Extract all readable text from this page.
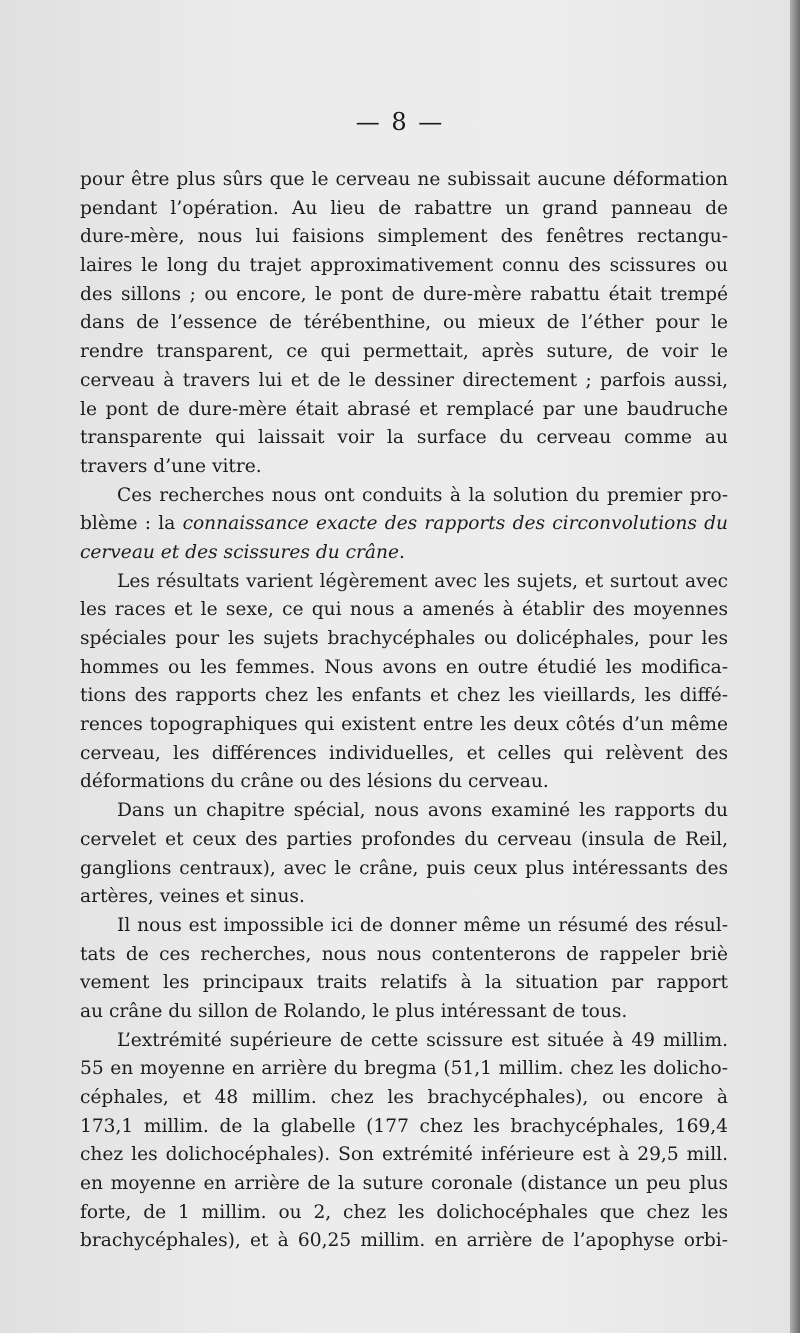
— 8 —
pour être plus sûrs que le cerveau ne subissait aucune déformation
pendant l’opération. Au lieu de rabattre un grand panneau de
dure-mère, nous lui faisions simplement des fenêtres rectangu-
laires le long du trajet approximativement connu des scissures ou
des sillons ; ou encore, le pont de dure-mère rabattu était trempé
dans de l’essence de térébenthine, ou mieux de l’éther pour le
rendre transparent, ce qui permettait, après suture, de voir le
cerveau à travers lui et de le dessiner directement ; parfois aussi,
le pont de dure-mère était abrasé et remplacé par une baudruche
transparente qui laissait voir la surface du cerveau comme au
travers d’une vitre.
Ces recherches nous ont conduits à la solution du premier pro-
blème : la connaissance exacte des rapports des circonvolutions du
cerveau et des scissures du crâne.
Les résultats varient légèrement avec les sujets, et surtout avec
les races et le sexe, ce qui nous a amenés à établir des moyennes
spéciales pour les sujets brachycéphales ou dolicéphales, pour les
hommes ou les femmes. Nous avons en outre étudié les modifica-
tions des rapports chez les enfants et chez les vieillards, les diffé-
rences topographiques qui existent entre les deux côtés d’un même
cerveau, les différences individuelles, et celles qui relèvent des
déformations du crâne ou des lésions du cerveau.
Dans un chapitre spécial, nous avons examiné les rapports du
cervelet et ceux des parties profondes du cerveau (insula de Reil,
ganglions centraux), avec le crâne, puis ceux plus intéressants des
artères, veines et sinus.
Il nous est impossible ici de donner même un résumé des résul-
tats de ces recherches, nous nous contenterons de rappeler briè
vement les principaux traits relatifs à la situation par rapport
au crâne du sillon de Rolando, le plus intéressant de tous.
L’extrémité supérieure de cette scissure est située à 49 millim.
55 en moyenne en arrière du bregma (51,1 millim. chez les dolicho-
céphales, et 48 millim. chez les brachycéphales), ou encore à
173,1 millim. de la glabelle (177 chez les brachycéphales, 169,4
chez les dolichocéphales). Son extrémité inférieure est à 29,5 mill.
en moyenne en arrière de la suture coronale (distance un peu plus
forte, de 1 millim. ou 2, chez les dolichocéphales que chez les
brachycéphales), et à 60,25 millim. en arrière de l’apophyse orbi-
